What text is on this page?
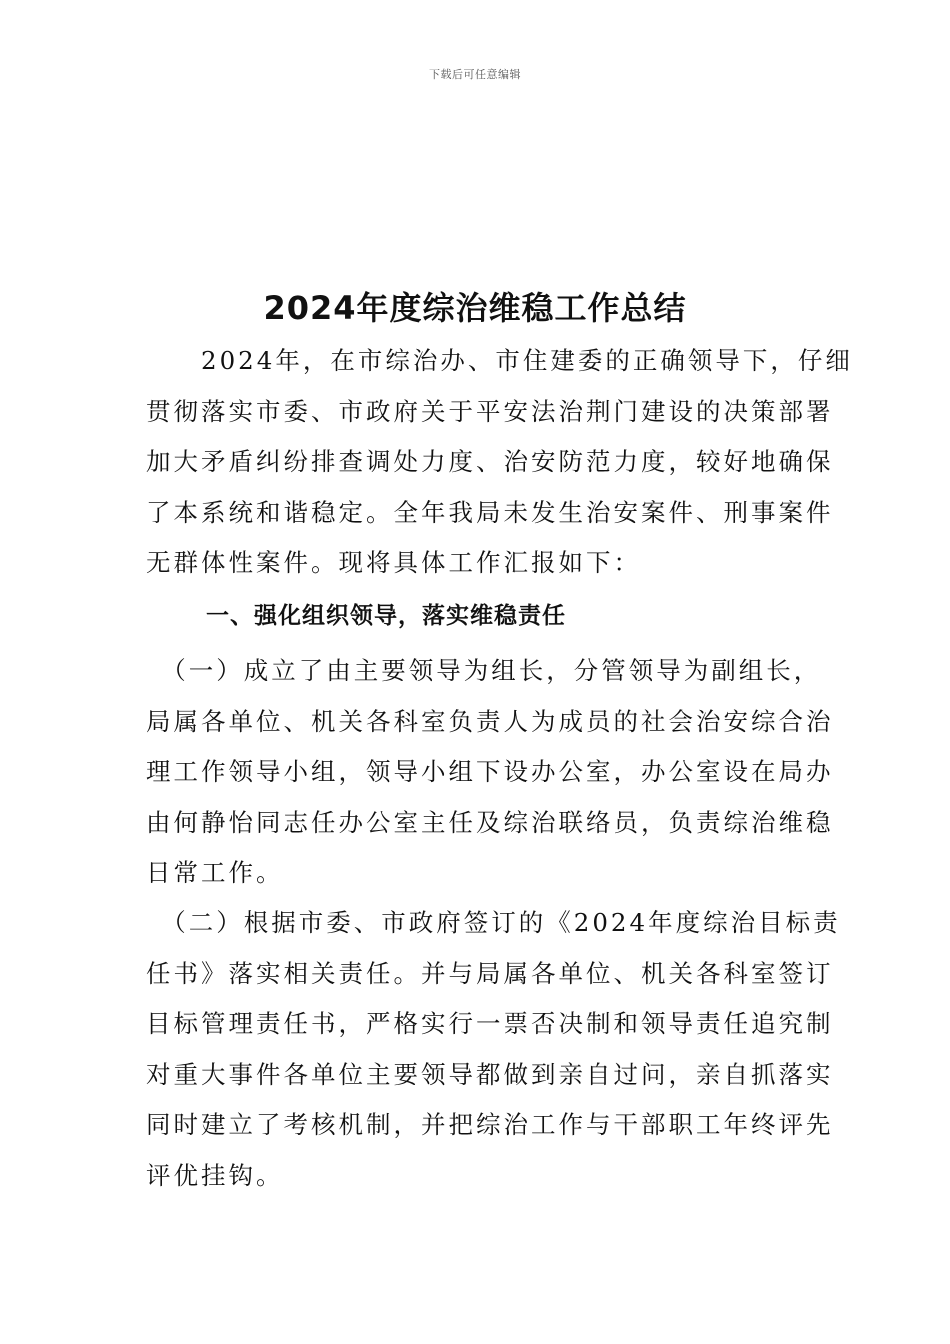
下载后可任意编辑
2024年度综治维稳工作总结
　　2024年，在市综治办、市住建委的正确领导下，仔细
贯彻落实市委、市政府关于平安法治荆门建设的决策部署
加大矛盾纠纷排查调处力度、治安防范力度，较好地确保
了本系统和谐稳定。全年我局未发生治安案件、刑事案件
无群体性案件。现将具体工作汇报如下：
一、强化组织领导，落实维稳责任
　（一）成立了由主要领导为组长，分管领导为副组长，
局属各单位、机关各科室负责人为成员的社会治安综合治
理工作领导小组，领导小组下设办公室，办公室设在局办
由何静怡同志任办公室主任及综治联络员，负责综治维稳
日常工作。
　（二）根据市委、市政府签订的《2024年度综治目标责
任书》落实相关责任。并与局属各单位、机关各科室签订
目标管理责任书，严格实行一票否决制和领导责任追究制
对重大事件各单位主要领导都做到亲自过问，亲自抓落实
同时建立了考核机制，并把综治工作与干部职工年终评先
评优挂钩。
